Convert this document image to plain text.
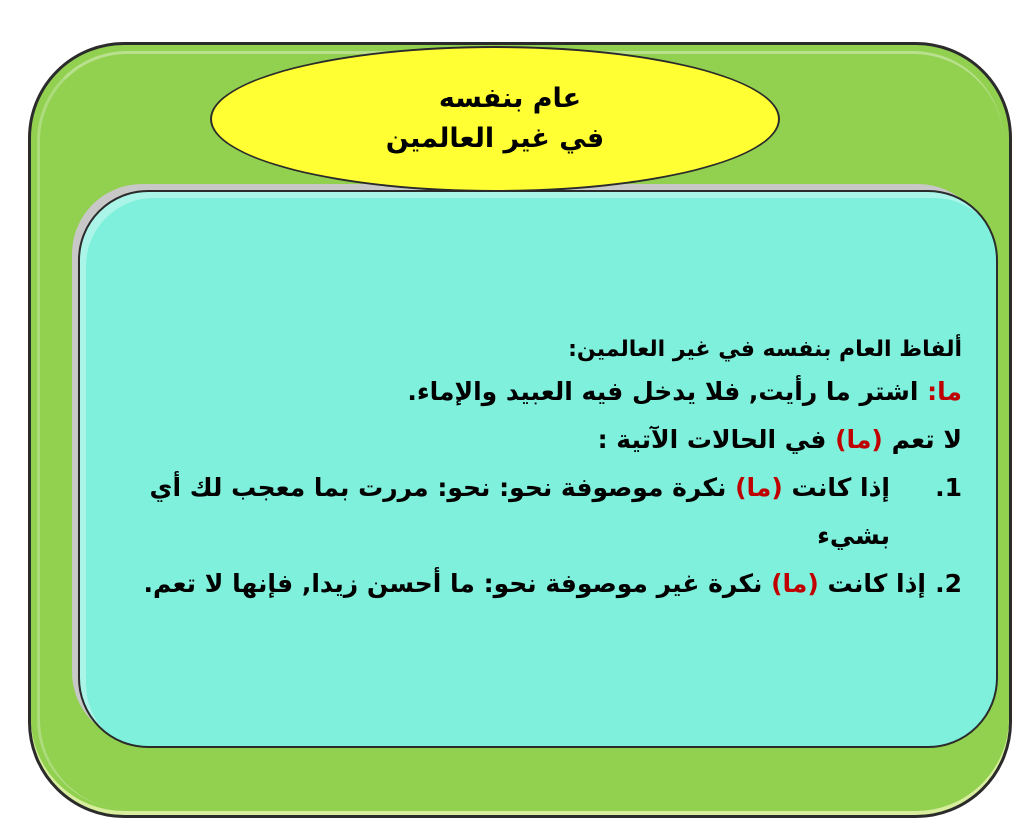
عام بنفسه
في غير العالمين
ألفاظ العام بنفسه في غير العالمين:
ما: اشتر ما رأيت, فلا يدخل فيه العبيد والإماء.
لا تعم (ما) في الحالات الآتية :
1.
إذا كانت (ما) نكرة موصوفة نحو: نحو: مررت بما معجب لك أي بشيء
2.
إذا كانت (ما) نكرة غير موصوفة نحو: ما أحسن زيدا, فإنها لا تعم.
